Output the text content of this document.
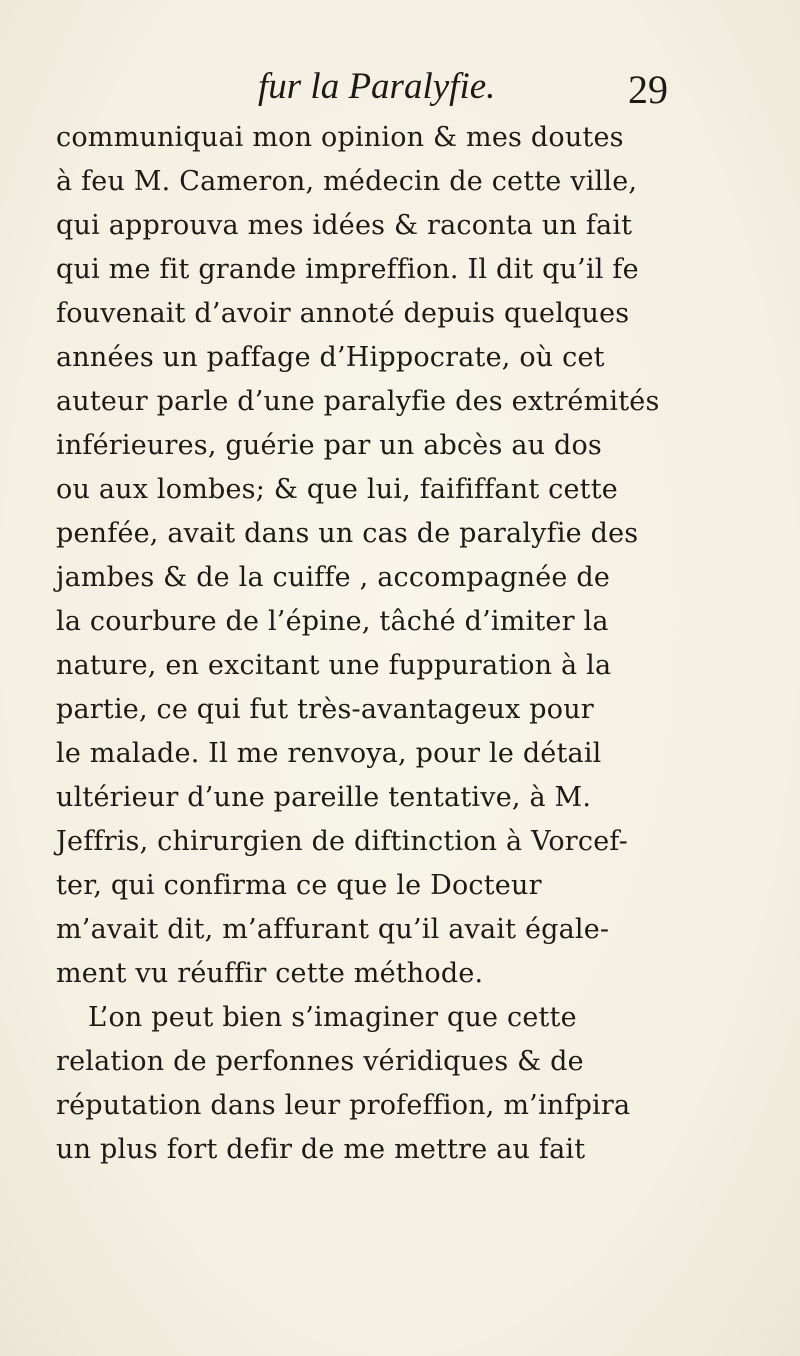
fur la Paralyfie.	29
communiquai mon opinion & mes doutes
à feu M. Cameron, médecin de cette ville,
qui approuva mes idées & raconta un fait
qui me fit grande impreffion. Il dit qu’il fe
fouvenait d’avoir annoté depuis quelques
années un paffage d’Hippocrate, où cet
auteur parle d’une paralyfie des extrémités
inférieures, guérie par un abcès au dos
ou aux lombes; & que lui, faififfant cette
penfée, avait dans un cas de paralyfie des
jambes & de la cuiffe , accompagnée de
la courbure de l’épine, tâché d’imiter la
nature, en excitant une fuppuration à la
partie, ce qui fut très-avantageux pour
le malade. Il me renvoya, pour le détail
ultérieur d’une pareille tentative, à M.
Jeffris, chirurgien de diftinction à Vorcef-
ter, qui confirma ce que le Docteur
m’avait dit, m’affurant qu’il avait égale-
ment vu réuffir cette méthode.
L’on peut bien s’imaginer que cette
relation de perfonnes véridiques & de
réputation dans leur profeffion, m’infpira
un plus fort defir de me mettre au fait
